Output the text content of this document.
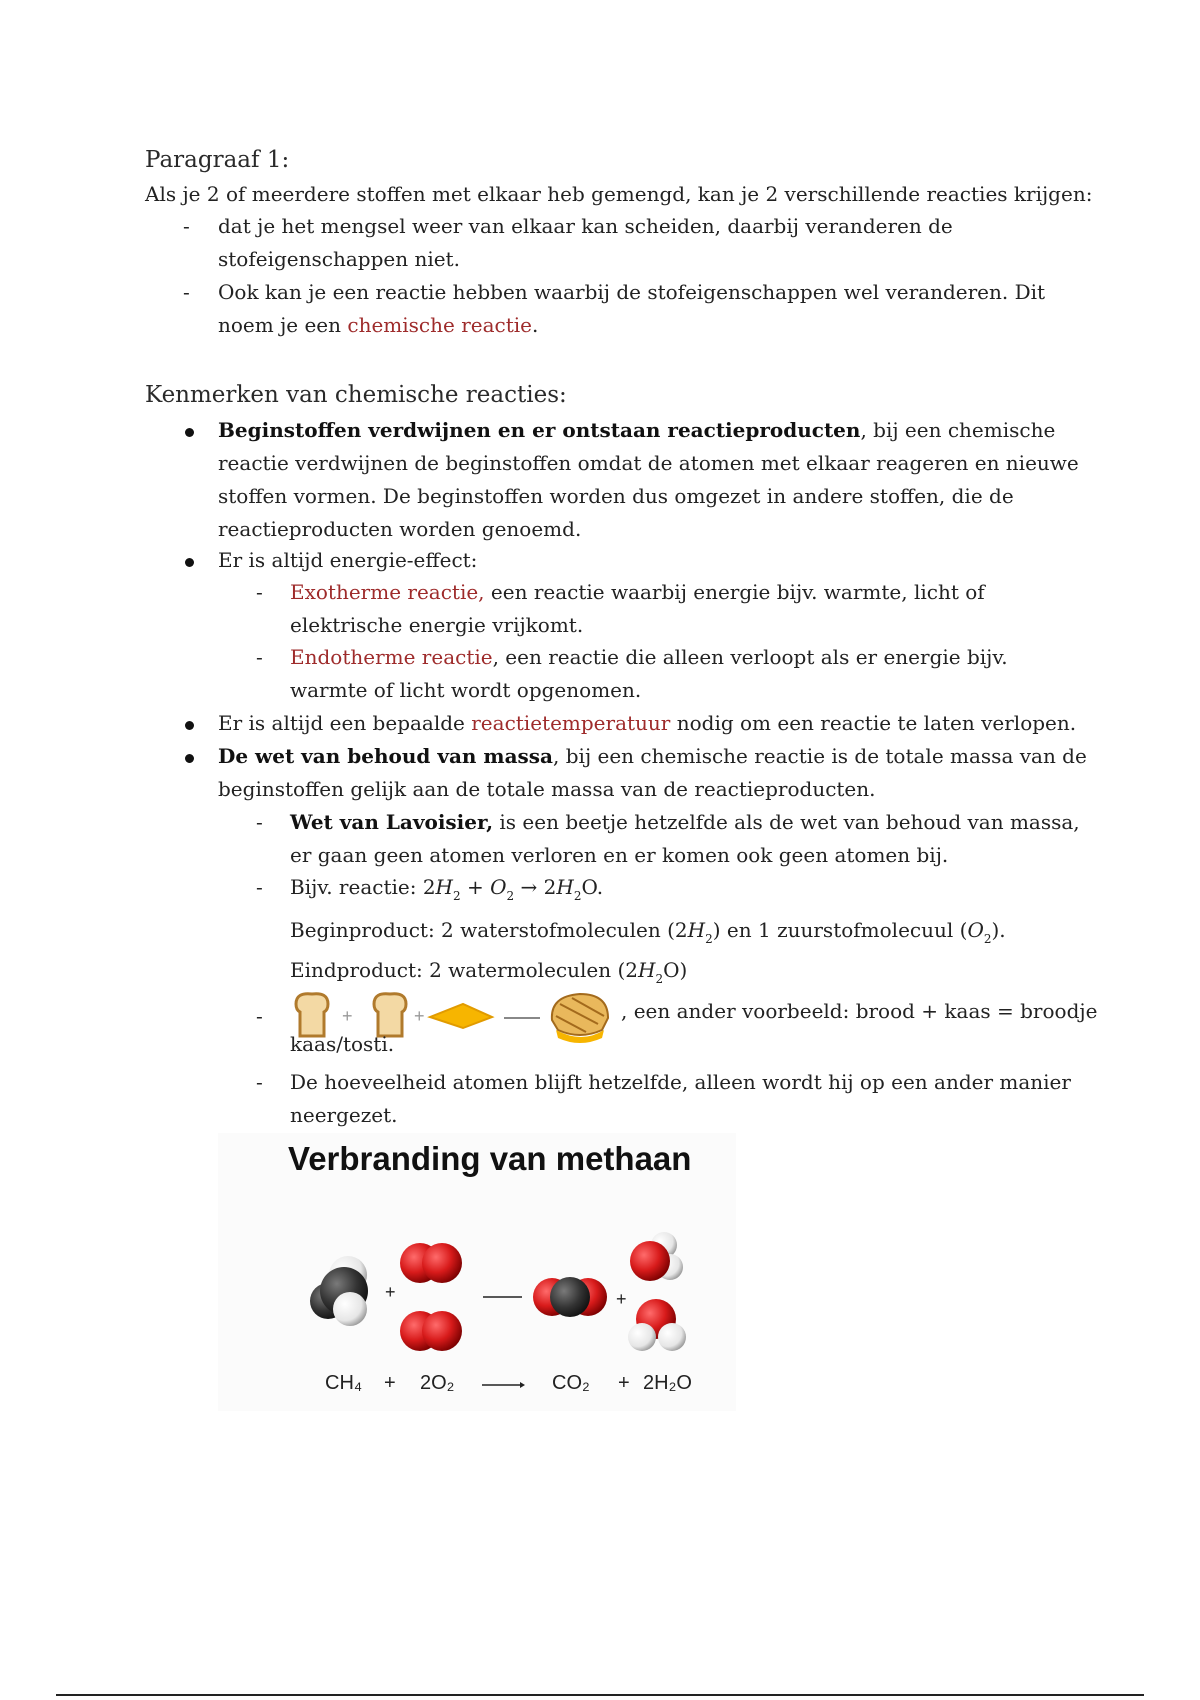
Paragraaf 1:
Als je 2 of meerdere stoffen met elkaar heb gemengd, kan je 2 verschillende reacties krijgen:
- dat je het mengsel weer van elkaar kan scheiden, daarbij veranderen de
stofeigenschappen niet.
- Ook kan je een reactie hebben waarbij de stofeigenschappen wel veranderen. Dit
noem je een chemische reactie.
Kenmerken van chemische reacties:
Beginstoffen verdwijnen en er ontstaan reactieproducten, bij een chemische
reactie verdwijnen de beginstoffen omdat de atomen met elkaar reageren en nieuwe
stoffen vormen. De beginstoffen worden dus omgezet in andere stoffen, die de
reactieproducten worden genoemd.
Er is altijd energie-effect:
- Exotherme reactie, een reactie waarbij energie bijv. warmte, licht of
elektrische energie vrijkomt.
- Endotherme reactie, een reactie die alleen verloopt als er energie bijv.
warmte of licht wordt opgenomen.
Er is altijd een bepaalde reactietemperatuur nodig om een reactie te laten verlopen.
De wet van behoud van massa, bij een chemische reactie is de totale massa van de
beginstoffen gelijk aan de totale massa van de reactieproducten.
- Wet van Lavoisier, is een beetje hetzelfde als de wet van behoud van massa,
er gaan geen atomen verloren en er komen ook geen atomen bij.
- Bijv. reactie: $2H_2 + O_2 \to 2H_2O$.
Beginproduct: 2 waterstofmoleculen $(2H_2)$ en 1 zuurstofmolecuul $(O_2)$.
Eindproduct: 2 watermoleculen $(2H_2O)$
-	+	+	, een ander voorbeeld: brood + kaas = broodje
kaas/tosti.
- De hoeveelheid atomen blijft hetzelfde, alleen wordt hij op een ander manier
neergezet.
Verbranding van methaan
+	+
CH₄ + 2O₂	CO₂ + 2H₂O
